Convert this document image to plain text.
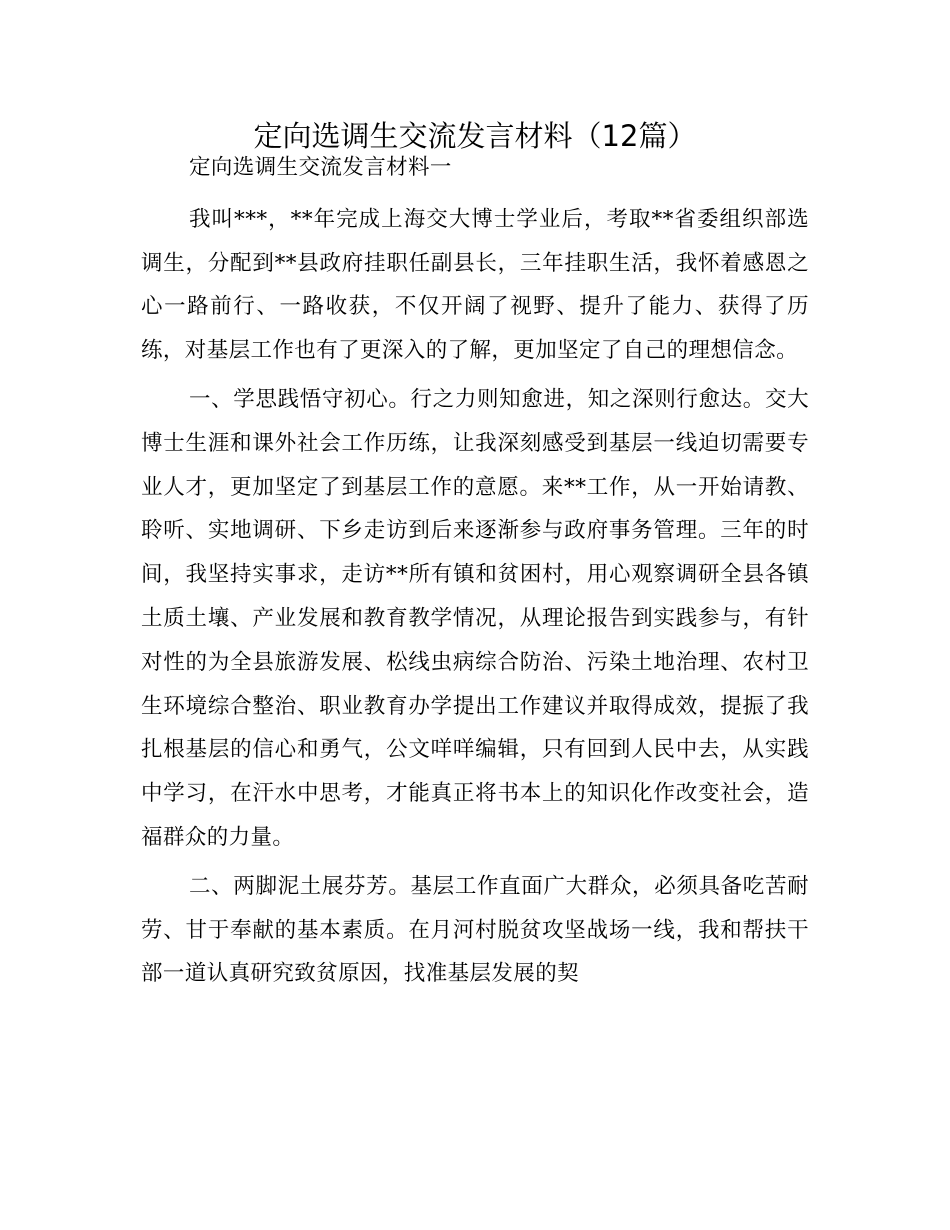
定向选调生交流发言材料（12篇）

定向选调生交流发言材料一

我叫***，**年完成上海交大博士学业后，考取**省委组织部选调生，分配到**县政府挂职任副县长，三年挂职生活，我怀着感恩之心一路前行、一路收获，不仅开阔了视野、提升了能力、获得了历练，对基层工作也有了更深入的了解，更加坚定了自己的理想信念。

一、学思践悟守初心。行之力则知愈进，知之深则行愈达。交大博士生涯和课外社会工作历练，让我深刻感受到基层一线迫切需要专业人才，更加坚定了到基层工作的意愿。来**工作，从一开始请教、聆听、实地调研、下乡走访到后来逐渐参与政府事务管理。三年的时间，我坚持实事求，走访**所有镇和贫困村，用心观察调研全县各镇土质土壤、产业发展和教育教学情况，从理论报告到实践参与，有针对性的为全县旅游发展、松线虫病综合防治、污染土地治理、农村卫生环境综合整治、职业教育办学提出工作建议并取得成效，提振了我扎根基层的信心和勇气，公文咩咩编辑，只有回到人民中去，从实践中学习，在汗水中思考，才能真正将书本上的知识化作改变社会，造福群众的力量。

二、两脚泥土展芬芳。基层工作直面广大群众，必须具备吃苦耐劳、甘于奉献的基本素质。在月河村脱贫攻坚战场一线，我和帮扶干部一道认真研究致贫原因，找准基层发展的契
